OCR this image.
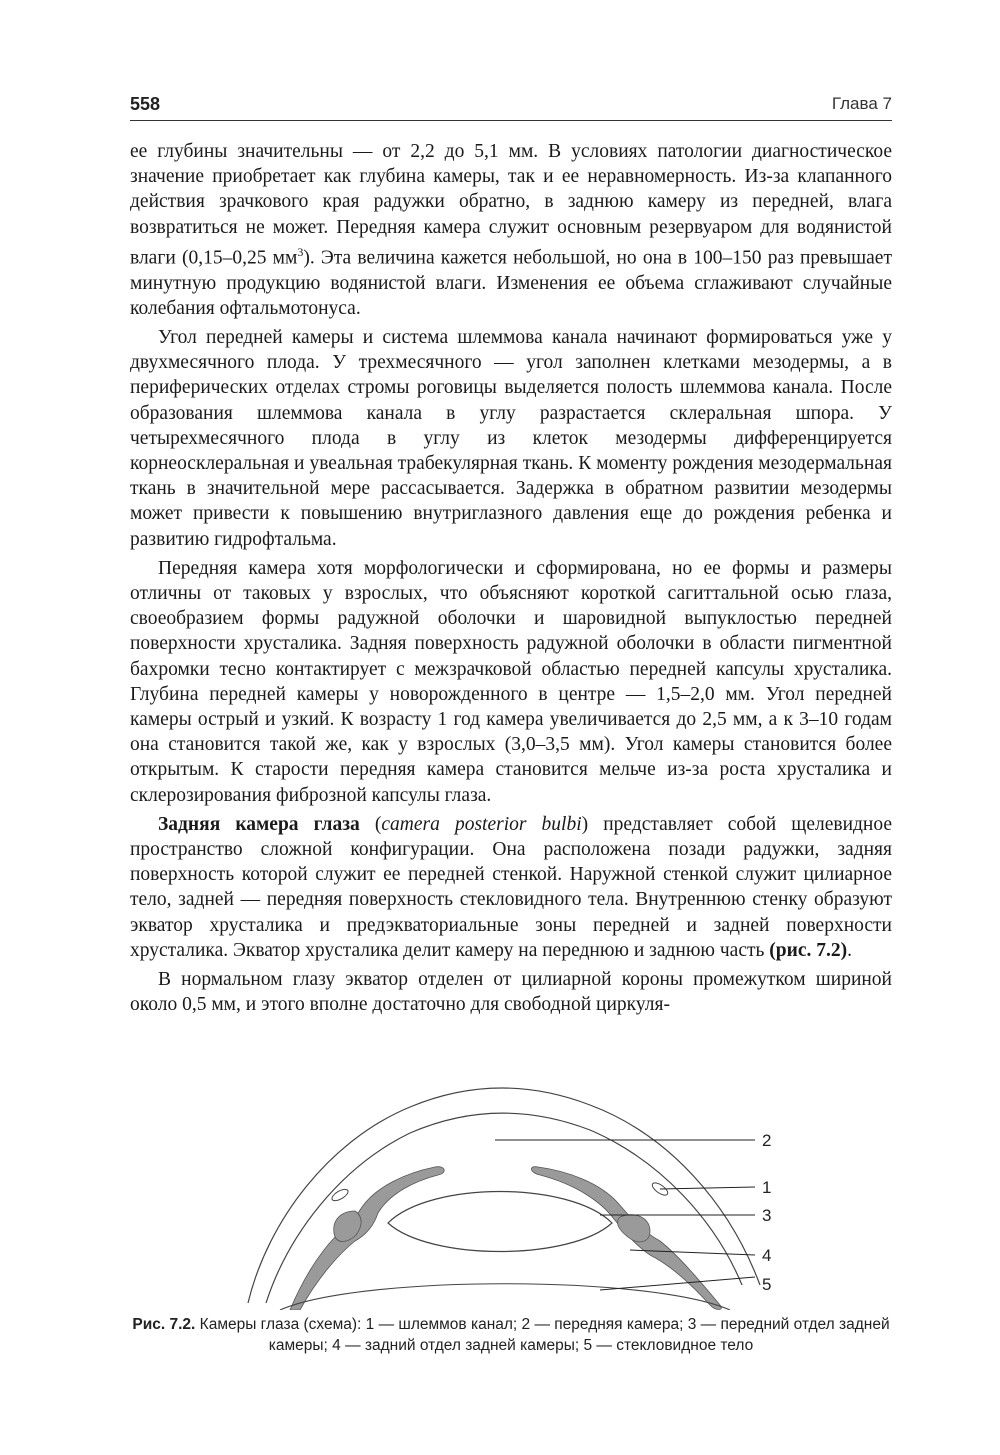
558	Глава 7

ее глубины значительны — от 2,2 до 5,1 мм. В условиях патологии диагностическое значение приобретает как глубина камеры, так и ее неравномерность. Из-за клапанного действия зрачкового края радужки обратно, в заднюю камеру из передней, влага возвратиться не может. Передняя камера служит основным резервуаром для водянистой влаги (0,15–0,25 $мм^3$). Эта величина кажется небольшой, но она в 100–150 раз превышает минутную продукцию водянистой влаги. Изменения ее объема сглаживают случайные колебания офтальмотонуса.

Угол передней камеры и система шлеммова канала начинают формироваться уже у двухмесячного плода. У трехмесячного — угол заполнен клетками мезодермы, а в периферических отделах стромы роговицы выделяется полость шлеммова канала. После образования шлеммова канала в углу разрастается склеральная шпора. У четырехмесячного плода в углу из клеток мезодермы дифференцируется корнеосклеральная и увеальная трабекулярная ткань. К моменту рождения мезодермальная ткань в значительной мере рассасывается. Задержка в обратном развитии мезодермы может привести к повышению внутриглазного давления еще до рождения ребенка и развитию гидрофтальма.

Передняя камера хотя морфологически и сформирована, но ее формы и размеры отличны от таковых у взрослых, что объясняют короткой сагиттальной осью глаза, своеобразием формы радужной оболочки и шаровидной выпуклостью передней поверхности хрусталика. Задняя поверхность радужной оболочки в области пигментной бахромки тесно контактирует с межзрачковой областью передней капсулы хрусталика. Глубина передней камеры у новорожденного в центре — 1,5–2,0 мм. Угол передней камеры острый и узкий. К возрасту 1 год камера увеличивается до 2,5 мм, а к 3–10 годам она становится такой же, как у взрослых (3,0–3,5 мм). Угол камеры становится более открытым. К старости передняя камера становится мельче из-за роста хрусталика и склерозирования фиброзной капсулы глаза.

Задняя камера глаза (camera posterior bulbi) представляет собой щелевидное пространство сложной конфигурации. Она расположена позади радужки, задняя поверхность которой служит ее передней стенкой. Наружной стенкой служит цилиарное тело, задней — передняя поверхность стекловидного тела. Внутреннюю стенку образуют экватор хрусталика и предэкваториальные зоны передней и задней поверхности хрусталика. Экватор хрусталика делит камеру на переднюю и заднюю часть (рис. 7.2).

В нормальном глазу экватор отделен от цилиарной короны промежутком шириной около 0,5 мм, и этого вполне достаточно для свободной циркуля-

2
1
3
4
5
Рис. 7.2. Камеры глаза (схема): 1 — шлеммов канал; 2 — передняя камера; 3 — передний отдел задней камеры; 4 — задний отдел задней камеры; 5 — стекловидное тело
